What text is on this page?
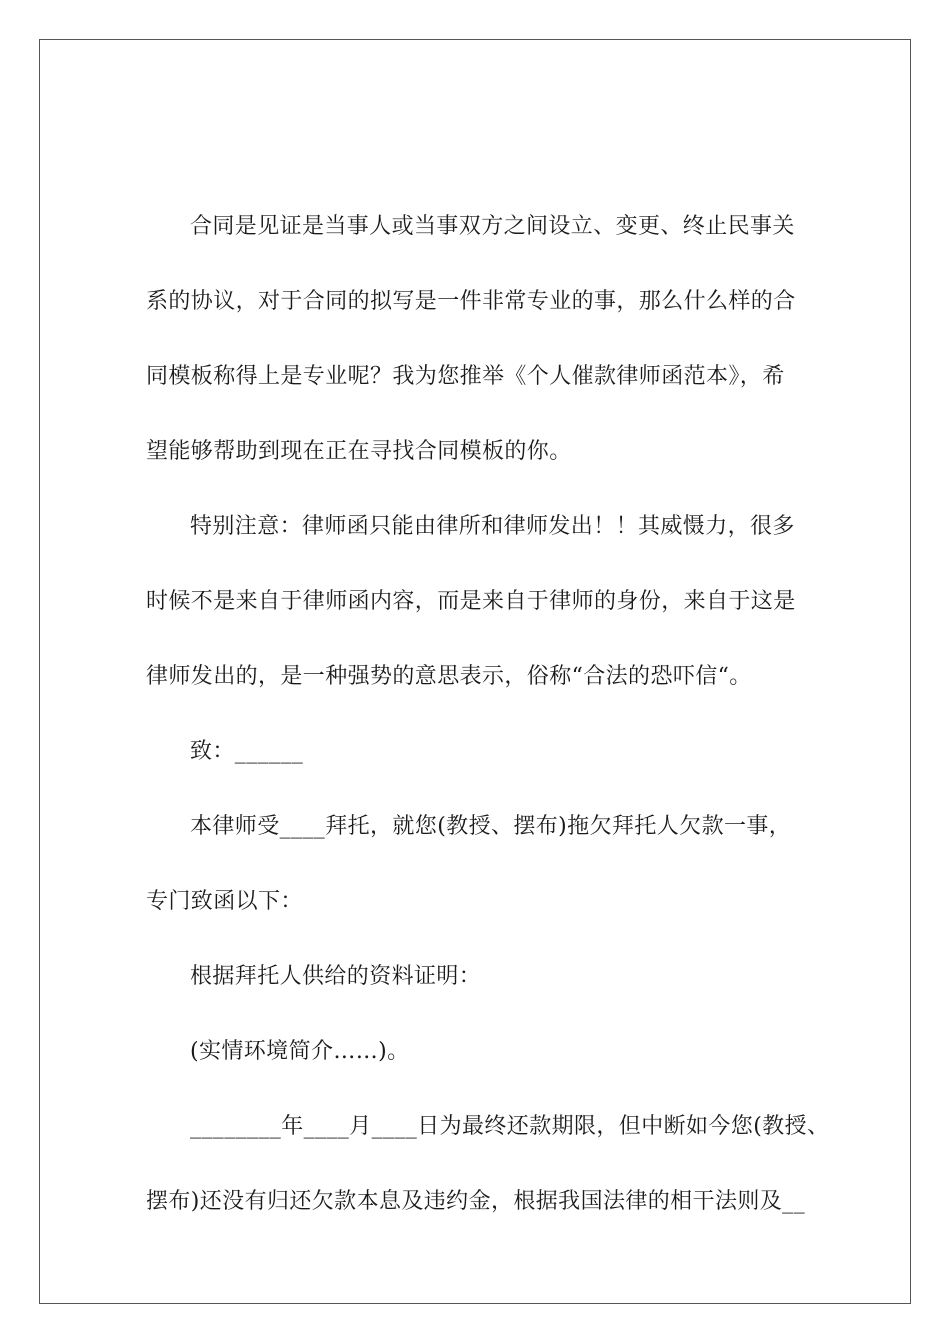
合同是见证是当事人或当事双方之间设立、变更、终止民事关
系的协议，对于合同的拟写是一件非常专业的事，那么什么样的合
同模板称得上是专业呢？我为您推举《个人催款律师函范本》，希
望能够帮助到现在正在寻找合同模板的你。
特别注意：律师函只能由律所和律师发出！！其威慑力，很多
时候不是来自于律师函内容，而是来自于律师的身份，来自于这是
律师发出的，是一种强势的意思表示，俗称“合法的恐吓信“。
致：______
本律师受____拜托，就您(教授、摆布)拖欠拜托人欠款一事，
专门致函以下：
根据拜托人供给的资料证明：
(实情环境简介……)。
________年____月____日为最终还款期限，但中断如今您(教授、
摆布)还没有归还欠款本息及违约金，根据我国法律的相干法则及__
